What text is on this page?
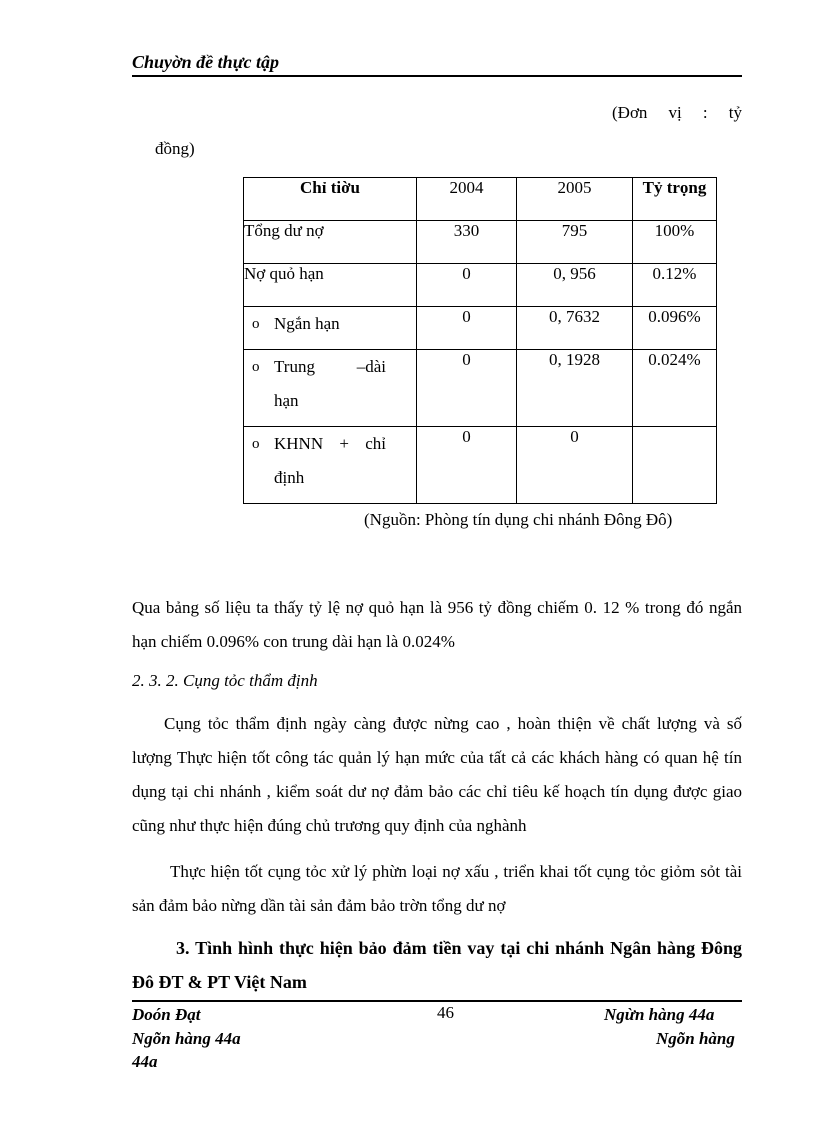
Chuyờn đề thực tập
(Đơn vị : tỷ
đồng)
Chỉ tiờu	2004	2005	Tỷ trọng
Tổng dư nợ	330	795	100%
Nợ quỏ hạn	0	0, 956	0.12%

o Ngắn hạn	0	0, 7632	0.096%

o Trung –dài
hạn	0	0, 1928	0.024%

o KHNN + chỉ
định	0	0	
(Nguồn: Phòng tín dụng chi nhánh Đông Đô)
Qua bảng số liệu ta thấy tỷ lệ nợ quỏ hạn là 956 tỷ đồng chiếm 0. 12 % trong đó ngắn hạn chiếm 0.096% con trung dài hạn là 0.024%
2. 3. 2. Cụng tỏc thẩm định
Cụng tỏc thẩm định ngày càng được nừng cao , hoàn thiện về chất lượng và số lượng Thực hiện tốt công tác quản lý hạn mức của tất cả các khách hàng có quan hệ tín dụng tại chi nhánh , kiểm soát dư nợ đảm bảo các chỉ tiêu kế hoạch tín dụng được giao cũng như thực hiện đúng chủ trương quy định của nghành
Thực hiện tốt cụng tỏc xử lý phừn loại nợ xấu , triển khai tốt cụng tỏc giỏm sỏt tài sản đảm bảo nừng dần tài sản đảm bảo trờn tổng dư nợ
3. Tình hình thực hiện bảo đảm tiền vay tại chi nhánh Ngân hàng Đông Đô ĐT & PT Việt Nam
Doón Đạt
Ngõn hàng 44a
44a
46	Ngừn hàng 44a
Ngõn hàng
